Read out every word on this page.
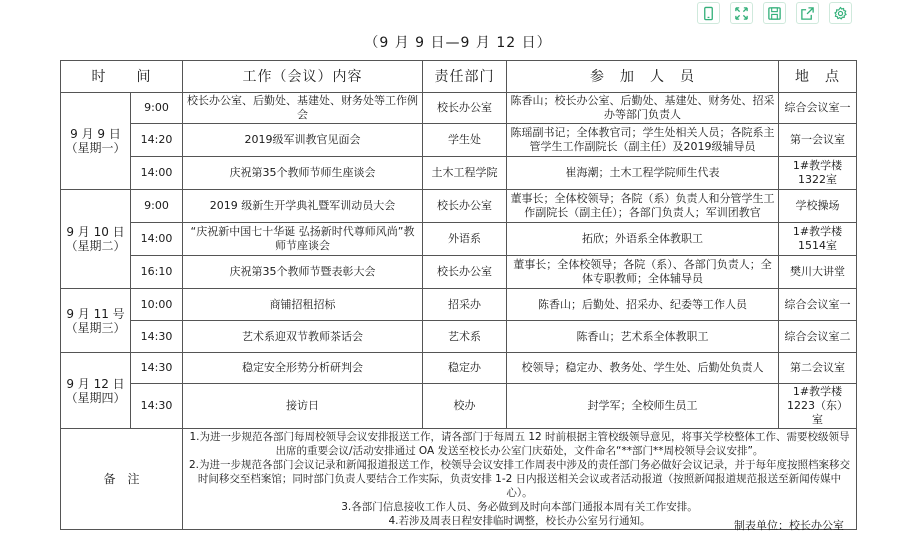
（9 月 9 日—9 月 12 日）
时　　间		工作（会议）内容	责任部门	参　加　人　员	地　点
9 月 9 日
（星期一）	9:00	校长办公室、后勤处、基建处、财务处等工作例会	校长办公室	陈香山；校长办公室、后勤处、基建处、财务处、招采办等部门负责人	综合会议室一
	14:20	2019级军训教官见面会	学生处	陈瑶副书记；全体教官司；学生处相关人员；各院系主管学生工作副院长（副主任）及2019级辅导员	第一会议室
	14:00	庆祝第35个教师节师生座谈会	土木工程学院	崔海潮；土木工程学院师生代表	1#教学楼 1322室
9 月 10 日
（星期二）	9:00	2019 级新生开学典礼暨军训动员大会	校长办公室	董事长；全体校领导；各院（系）负责人和分管学生工作副院长（副主任）；各部门负责人；军训团教官	学校操场
	14:00	“庆祝新中国七十华诞 弘扬新时代尊师风尚”教师节座谈会	外语系	拓欣；外语系全体教职工	1#教学楼 1514室
	16:10	庆祝第35个教师节暨表彰大会	校长办公室	董事长；全体校领导；各院（系）、各部门负责人；全体专职教师；全体辅导员	樊川大讲堂
9 月 11 号
（星期三）	10:00	商铺招租招标	招采办	陈香山；后勤处、招采办、纪委等工作人员	综合会议室一
	14:30	艺术系迎双节教师茶话会	艺术系	陈香山；艺术系全体教职工	综合会议室二
9 月 12 日
（星期四）	14:30	稳定安全形势分析研判会	稳定办	校领导；稳定办、教务处、学生处、后勤处负责人	第二会议室
	14:30	接访日	校办	封学军；全校师生员工	1#教学楼 1223（东）室
备　注		1.为进一步规范各部门每周校领导会议安排报送工作，请各部门于每周五 12 时前根据主管校级领导意见，将事关学校整体工作、需要校级领导出席的重要会议/活动安排通过 OA 发送至校长办公室门庆茹处，文件命名“**部门**周校领导会议安排”。
2.为进一步规范各部门会议记录和新闻报道报送工作，校领导会议安排工作周表中涉及的责任部门务必做好会议记录，并于每年度按照档案移交时间移交至档案馆；同时部门负责人要结合工作实际，负责安排 1-2 日内报送相关会议或者活动报道（按照新闻报道规范报送至新闻传媒中心）。
3.各部门信息接收工作人员、务必做到及时向本部门通报本周有关工作安排。
4.若涉及周表日程安排临时调整，校长办公室另行通知。				制表单位：校长办公室
